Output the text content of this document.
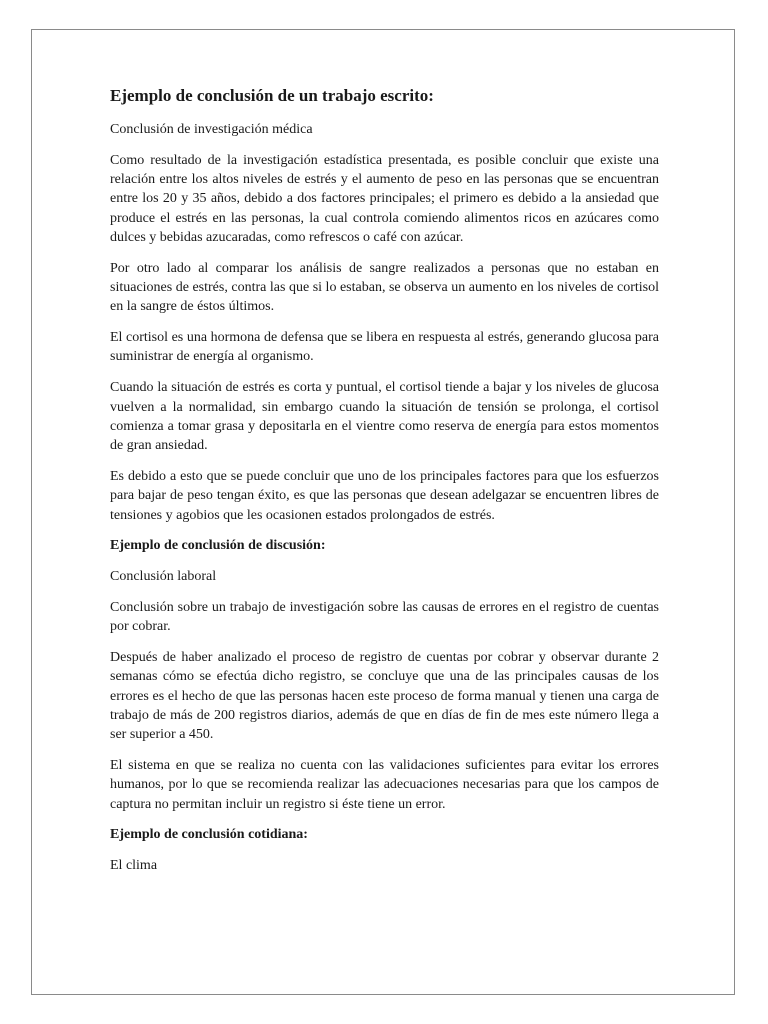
Ejemplo de conclusión de un trabajo escrito:

Conclusión de investigación médica

Como resultado de la investigación estadística presentada, es posible concluir que existe una relación entre los altos niveles de estrés y el aumento de peso en las personas que se encuentran entre los 20 y 35 años, debido a dos factores principales; el primero es debido a la ansiedad que produce el estrés en las personas, la cual controla comiendo alimentos ricos en azúcares como dulces y bebidas azucaradas, como refrescos o café con azúcar.

Por otro lado al comparar los análisis de sangre realizados a personas que no estaban en situaciones de estrés, contra las que si lo estaban, se observa un aumento en los niveles de cortisol en la sangre de éstos últimos.

El cortisol es una hormona de defensa que se libera en respuesta al estrés, generando glucosa para suministrar de energía al organismo.

Cuando la situación de estrés es corta y puntual, el cortisol tiende a bajar y los niveles de glucosa vuelven a la normalidad, sin embargo cuando la situación de tensión se prolonga, el cortisol comienza a tomar grasa y depositarla en el vientre como reserva de energía para estos momentos de gran ansiedad.

Es debido a esto que se puede concluir que uno de los principales factores para que los esfuerzos para bajar de peso tengan éxito, es que las personas que desean adelgazar se encuentren libres de tensiones y agobios que les ocasionen estados prolongados de estrés.

Ejemplo de conclusión de discusión:

Conclusión laboral

Conclusión sobre un trabajo de investigación sobre las causas de errores en el registro de cuentas por cobrar.

Después de haber analizado el proceso de registro de cuentas por cobrar y observar durante 2 semanas cómo se efectúa dicho registro, se concluye que una de las principales causas de los errores es el hecho de que las personas hacen este proceso de forma manual y tienen una carga de trabajo de más de 200 registros diarios, además de que en días de fin de mes este número llega a ser superior a 450.

El sistema en que se realiza no cuenta con las validaciones suficientes para evitar los errores humanos, por lo que se recomienda realizar las adecuaciones necesarias para que los campos de captura no permitan incluir un registro si éste tiene un error.

Ejemplo de conclusión cotidiana:

El clima
